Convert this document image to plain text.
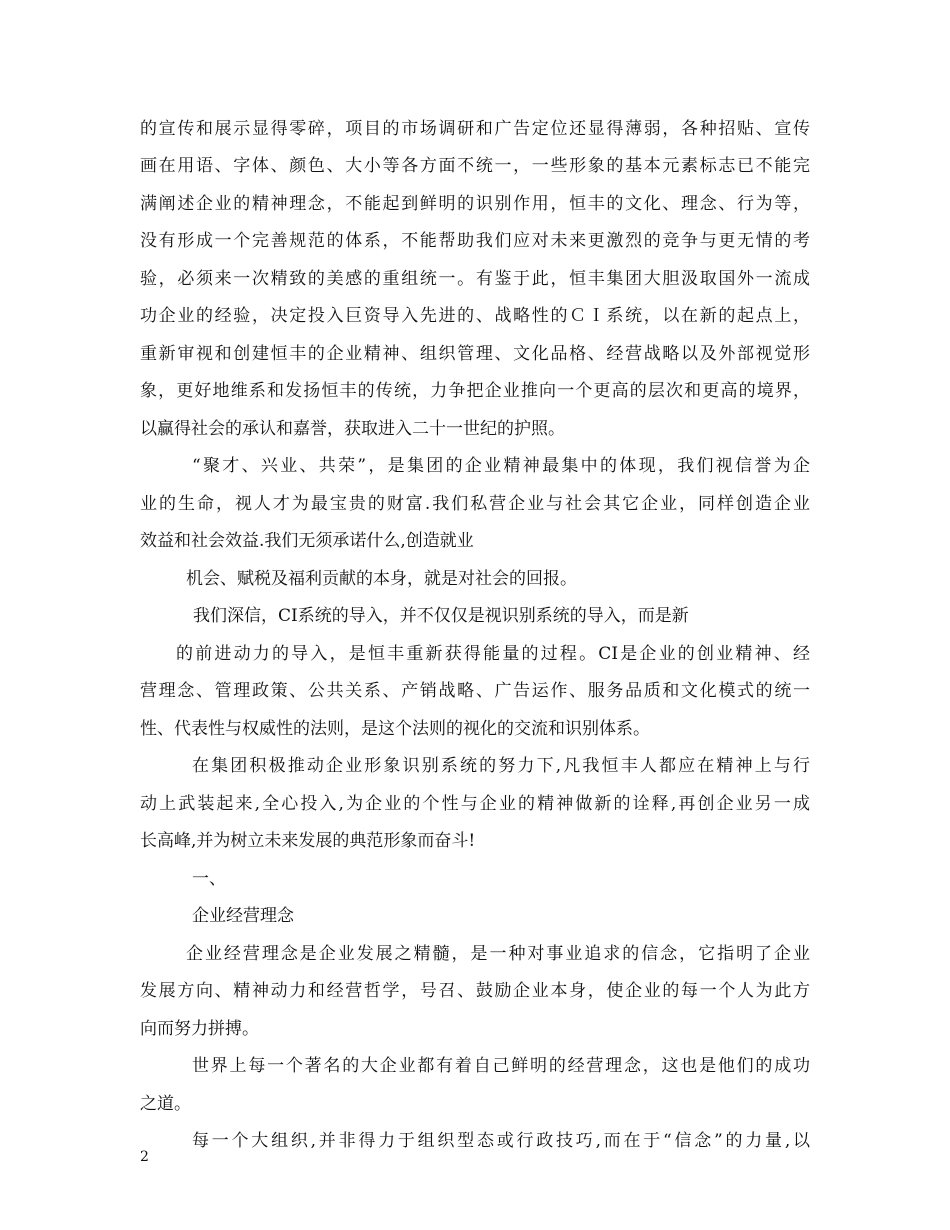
的宣传和展示显得零碎，项目的市场调研和广告定位还显得薄弱，各种招贴、宣传
画在用语、字体、颜色、大小等各方面不统一，一些形象的基本元素标志已不能完
满阐述企业的精神理念，不能起到鲜明的识别作用，恒丰的文化、理念、行为等，
没有形成一个完善规范的体系，不能帮助我们应对未来更激烈的竞争与更无情的考
验，必须来一次精致的美感的重组统一。有鉴于此，恒丰集团大胆汲取国外一流成
功企业的经验，决定投入巨资导入先进的、战略性的ＣＩ系统，以在新的起点上，
重新审视和创建恒丰的企业精神、组织管理、文化品格、经营战略以及外部视觉形
象，更好地维系和发扬恒丰的传统，力争把企业推向一个更高的层次和更高的境界，
以赢得社会的承认和嘉誉，获取进入二十一世纪的护照。
“聚才、兴业、共荣”，是集团的企业精神最集中的体现，我们视信誉为企
业的生命，视人才为最宝贵的财富.我们私营企业与社会其它企业，同样创造企业
效益和社会效益.我们无须承诺什么,创造就业
机会、赋税及福利贡献的本身，就是对社会的回报。
我们深信，CI系统的导入，并不仅仅是视识别系统的导入，而是新
的前进动力的导入，是恒丰重新获得能量的过程。CI是企业的创业精神、经
营理念、管理政策、公共关系、产销战略、广告运作、服务品质和文化模式的统一
性、代表性与权威性的法则，是这个法则的视化的交流和识别体系。
在集团积极推动企业形象识别系统的努力下,凡我恒丰人都应在精神上与行
动上武装起来,全心投入,为企业的个性与企业的精神做新的诠释,再创企业另一成
长高峰,并为树立未来发展的典范形象而奋斗!
一、
企业经营理念
企业经营理念是企业发展之精髓，是一种对事业追求的信念，它指明了企业
发展方向、精神动力和经营哲学，号召、鼓励企业本身，使企业的每一个人为此方
向而努力拼搏。
世界上每一个著名的大企业都有着自己鲜明的经营理念，这也是他们的成功
之道。
每一个大组织,并非得力于组织型态或行政技巧,而在于“信念”的力量,以
2
